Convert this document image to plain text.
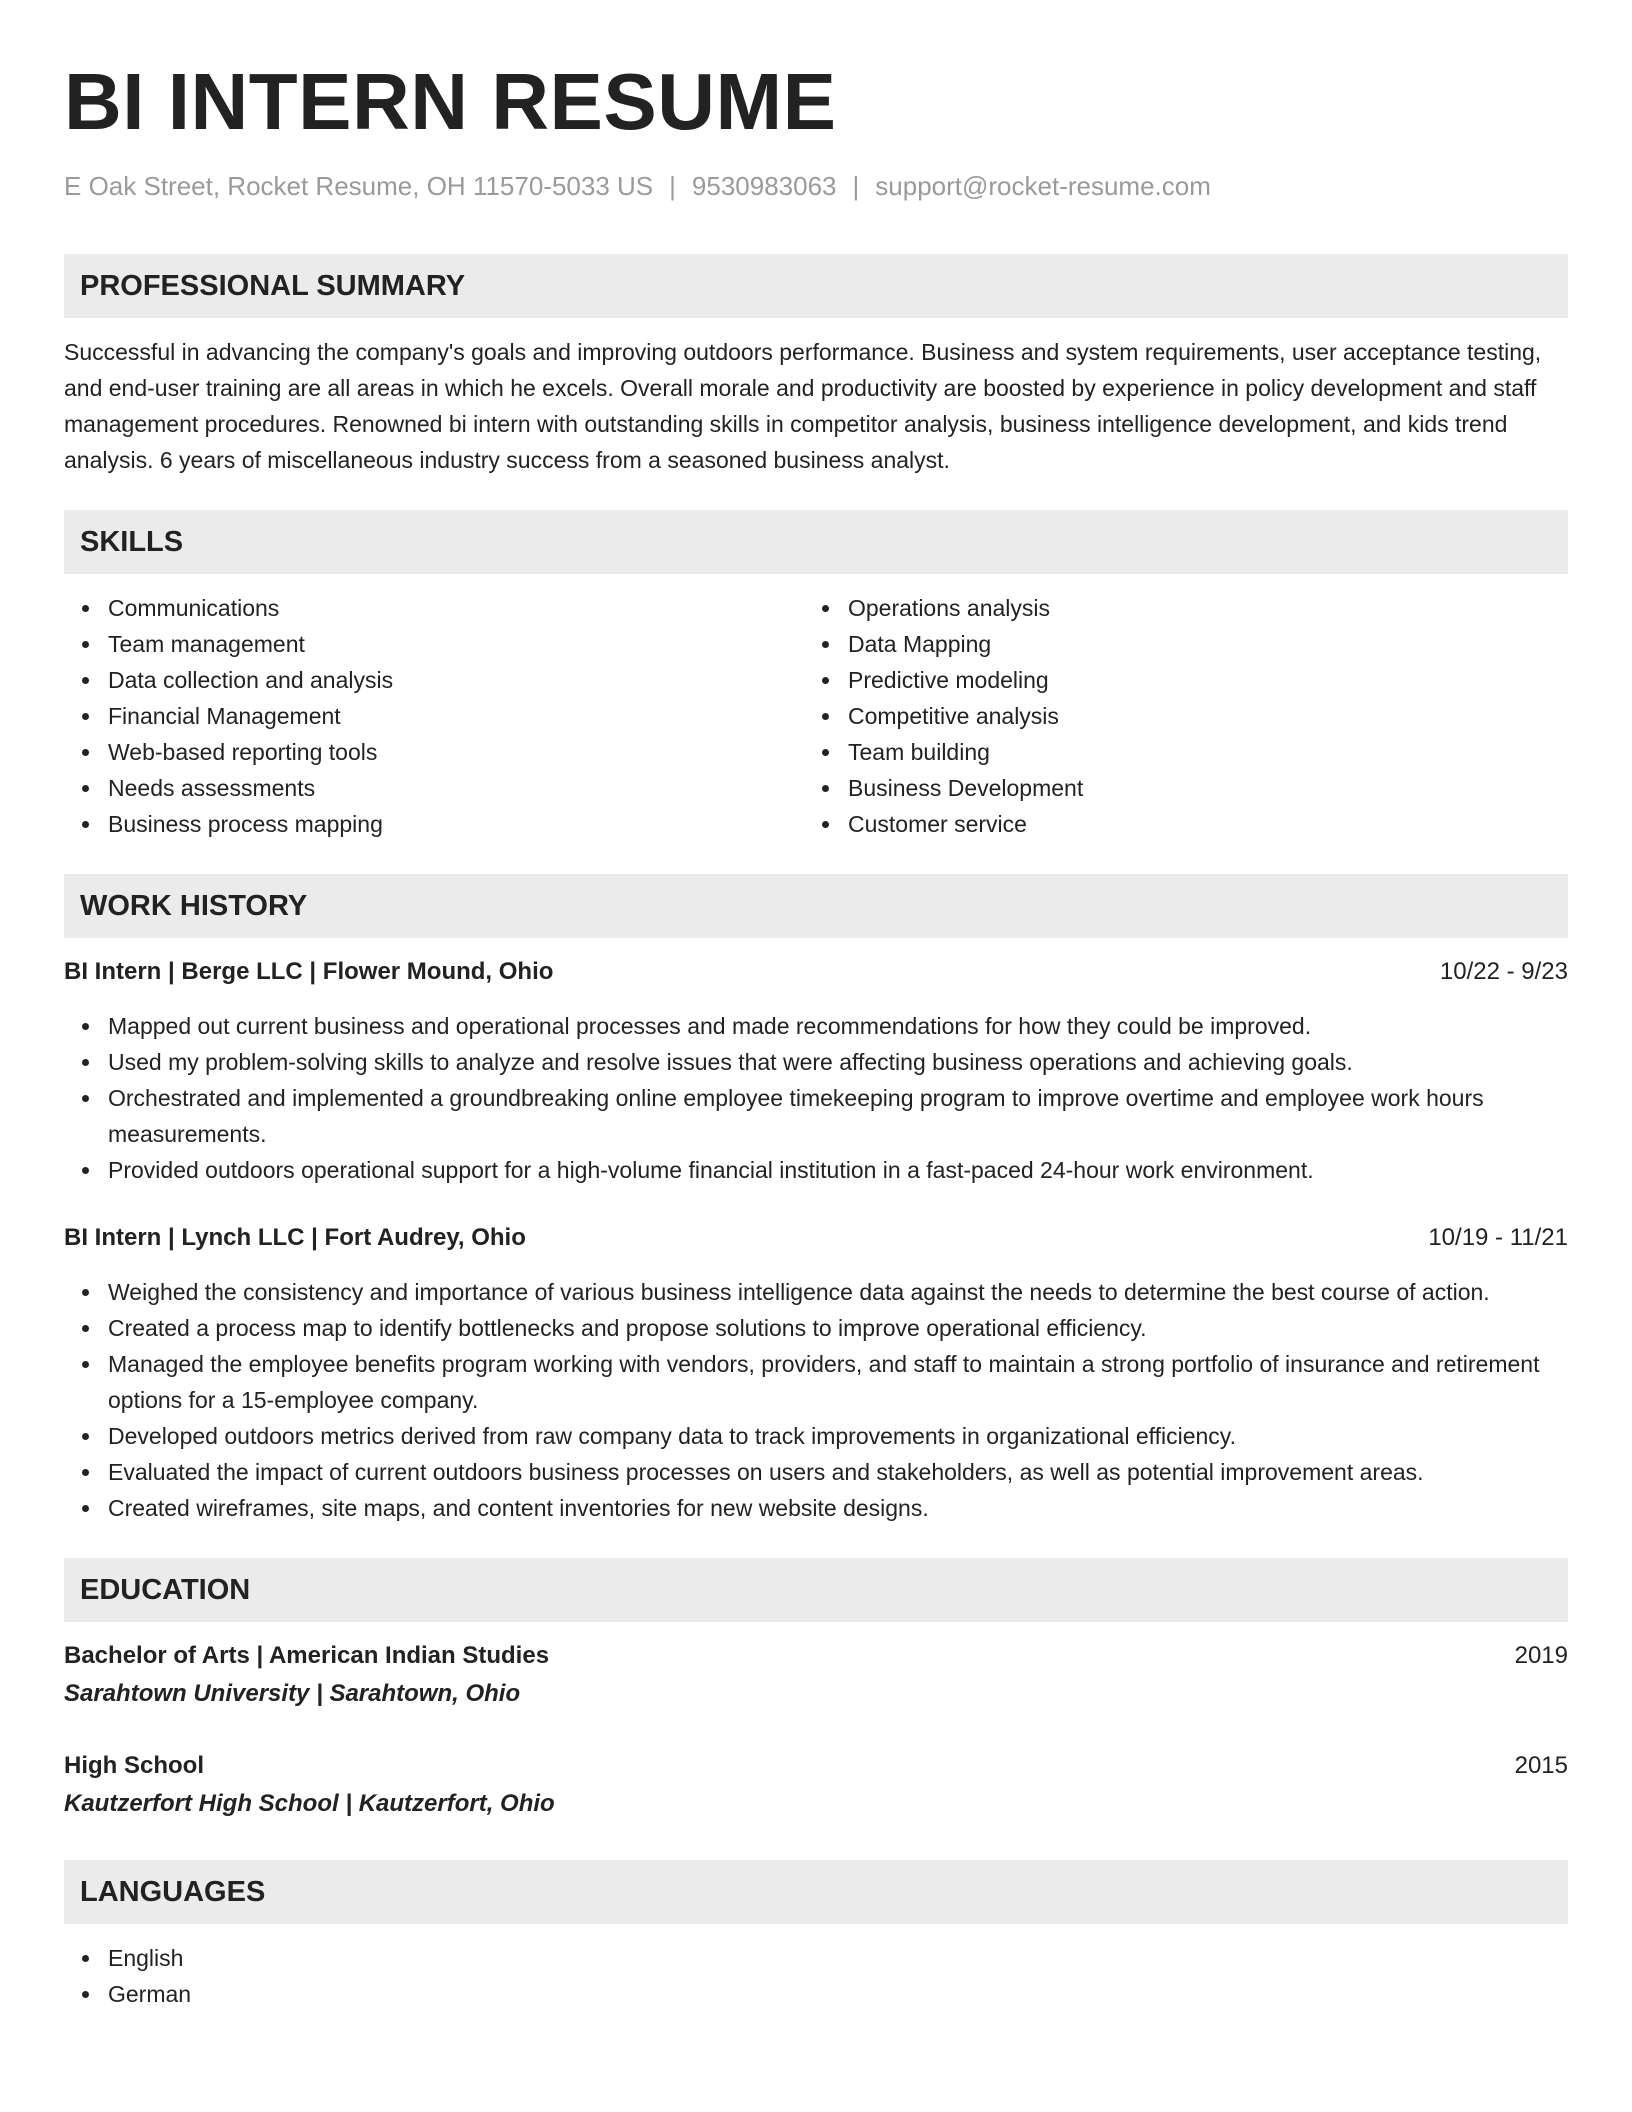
BI INTERN RESUME
E Oak Street, Rocket Resume, OH 11570-5033 US | 9530983063 | support@rocket-resume.com
PROFESSIONAL SUMMARY
Successful in advancing the company's goals and improving outdoors performance. Business and system requirements, user acceptance testing, and end-user training are all areas in which he excels. Overall morale and productivity are boosted by experience in policy development and staff management procedures. Renowned bi intern with outstanding skills in competitor analysis, business intelligence development, and kids trend analysis. 6 years of miscellaneous industry success from a seasoned business analyst.
SKILLS
Communications
Team management
Data collection and analysis
Financial Management
Web-based reporting tools
Needs assessments
Business process mapping
Operations analysis
Data Mapping
Predictive modeling
Competitive analysis
Team building
Business Development
Customer service
WORK HISTORY
BI Intern | Berge LLC | Flower Mound, Ohio	10/22 - 9/23
Mapped out current business and operational processes and made recommendations for how they could be improved.
Used my problem-solving skills to analyze and resolve issues that were affecting business operations and achieving goals.
Orchestrated and implemented a groundbreaking online employee timekeeping program to improve overtime and employee work hours measurements.
Provided outdoors operational support for a high-volume financial institution in a fast-paced 24-hour work environment.
BI Intern | Lynch LLC | Fort Audrey, Ohio	10/19 - 11/21
Weighed the consistency and importance of various business intelligence data against the needs to determine the best course of action.
Created a process map to identify bottlenecks and propose solutions to improve operational efficiency.
Managed the employee benefits program working with vendors, providers, and staff to maintain a strong portfolio of insurance and retirement options for a 15-employee company.
Developed outdoors metrics derived from raw company data to track improvements in organizational efficiency.
Evaluated the impact of current outdoors business processes on users and stakeholders, as well as potential improvement areas.
Created wireframes, site maps, and content inventories for new website designs.
EDUCATION
Bachelor of Arts | American Indian Studies	2019
Sarahtown University | Sarahtown, Ohio
High School	2015
Kautzerfort High School | Kautzerfort, Ohio
LANGUAGES
English
German
